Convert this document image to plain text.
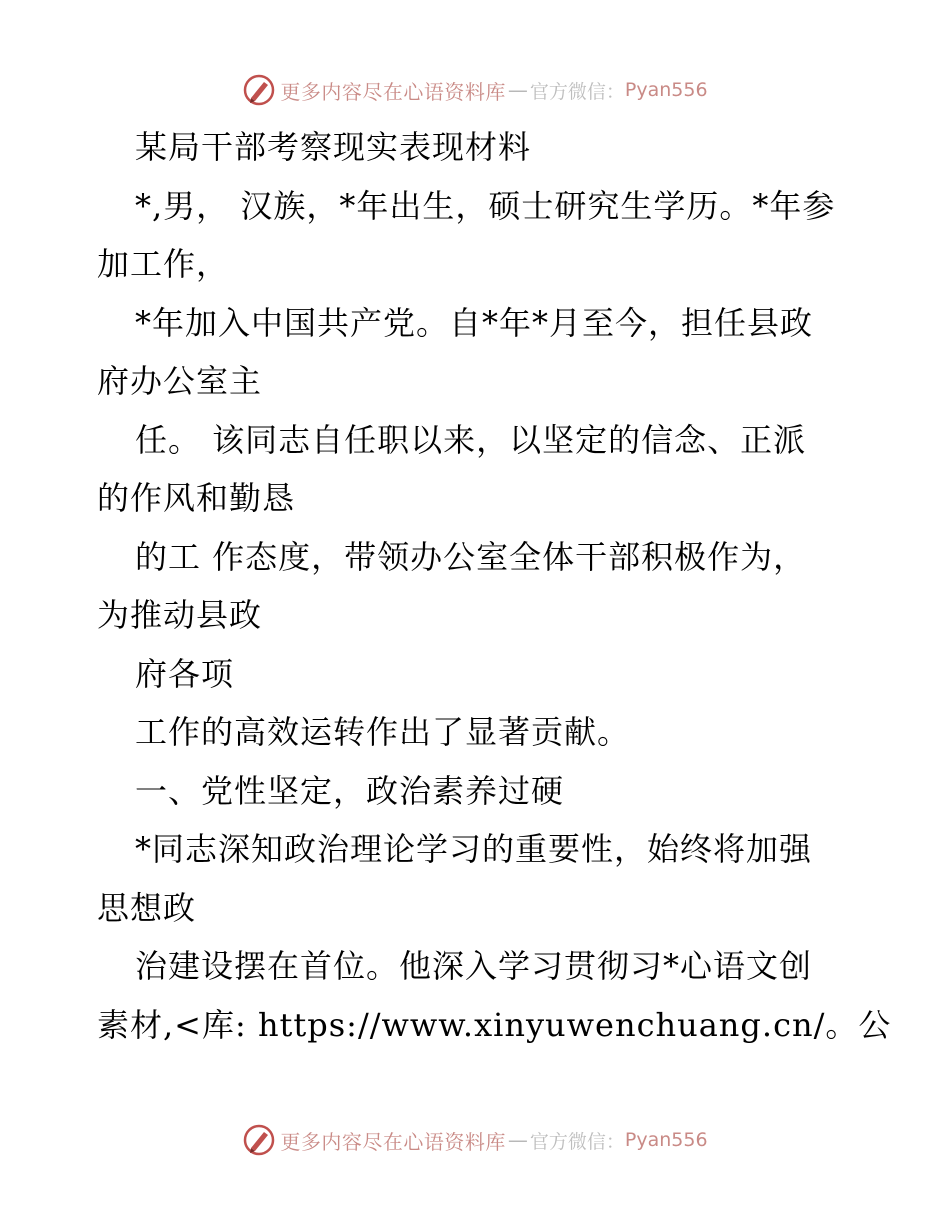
更多内容尽在心语资料库 — 官方微信： Pyan556
某局干部考察现实表现材料
*,男， 汉族，*年出生，硕士研究生学历。*年参
加工作，
*年加入中国共产党。自*年*月至今，担任县政
府办公室主
任。 该同志自任职以来，以坚定的信念、正派
的作风和勤恳
的工 作态度，带领办公室全体干部积极作为，
为推动县政
府各项
工作的高效运转作出了显著贡献。
一、党性坚定，政治素养过硬
*同志深知政治理论学习的重要性，始终将加强
思想政
治建设摆在首位。他深入学习贯彻习*心语文创
素材,<库: https://www.xinyuwenchuang.cn/。公
更多内容尽在心语资料库 — 官方微信： Pyan556
